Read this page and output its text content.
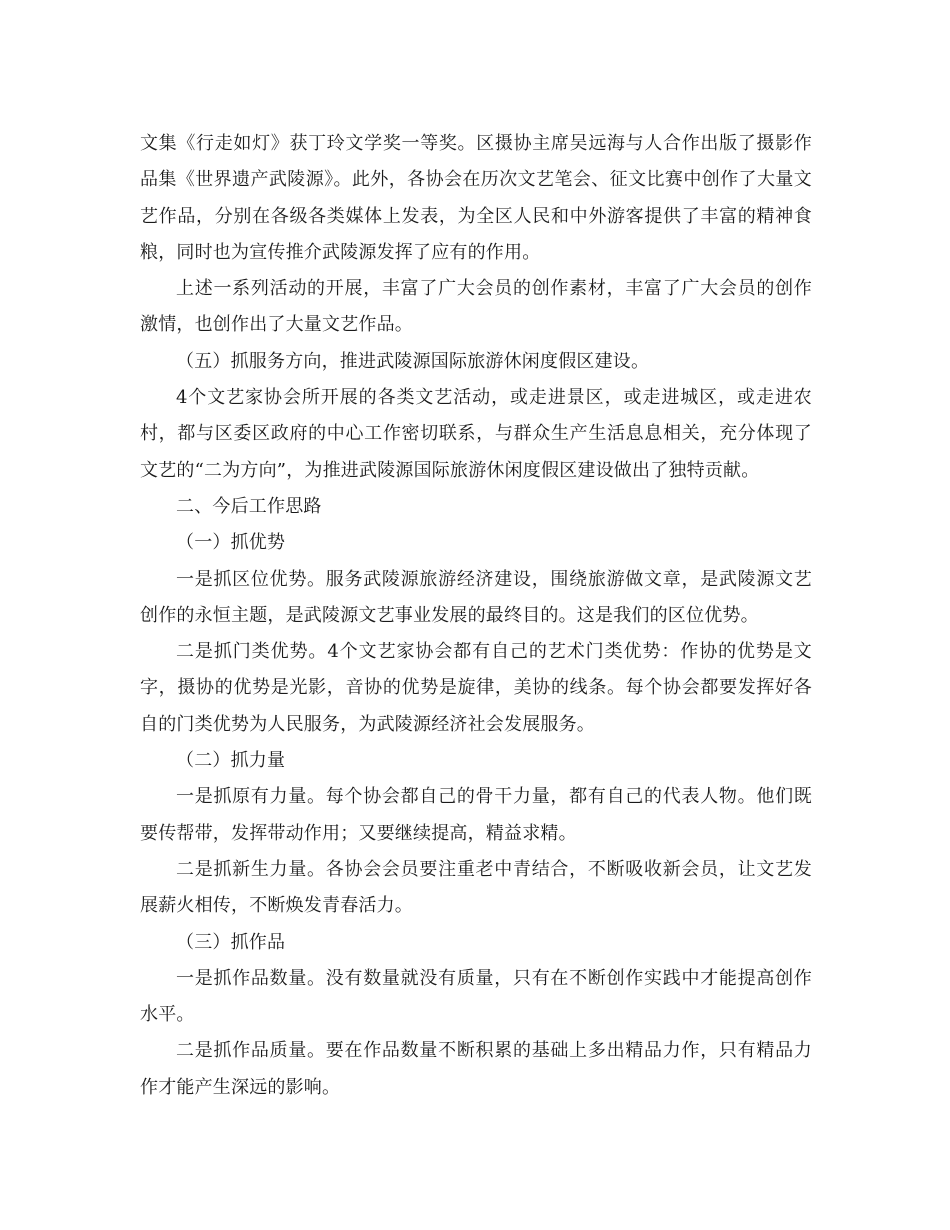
文集《行走如灯》获丁玲文学奖一等奖。区摄协主席吴远海与人合作出版了摄影作品集《世界遗产武陵源》。此外，各协会在历次文艺笔会、征文比赛中创作了大量文艺作品，分别在各级各类媒体上发表，为全区人民和中外游客提供了丰富的精神食粮，同时也为宣传推介武陵源发挥了应有的作用。

上述一系列活动的开展，丰富了广大会员的创作素材，丰富了广大会员的创作激情，也创作出了大量文艺作品。

（五）抓服务方向，推进武陵源国际旅游休闲度假区建设。

4个文艺家协会所开展的各类文艺活动，或走进景区，或走进城区，或走进农村，都与区委区政府的中心工作密切联系，与群众生产生活息息相关，充分体现了文艺的“二为方向”，为推进武陵源国际旅游休闲度假区建设做出了独特贡献。

二、今后工作思路

（一）抓优势

一是抓区位优势。服务武陵源旅游经济建设，围绕旅游做文章，是武陵源文艺创作的永恒主题，是武陵源文艺事业发展的最终目的。这是我们的区位优势。

二是抓门类优势。4个文艺家协会都有自己的艺术门类优势：作协的优势是文字，摄协的优势是光影，音协的优势是旋律，美协的线条。每个协会都要发挥好各自的门类优势为人民服务，为武陵源经济社会发展服务。

（二）抓力量

一是抓原有力量。每个协会都自己的骨干力量，都有自己的代表人物。他们既要传帮带，发挥带动作用；又要继续提高，精益求精。

二是抓新生力量。各协会会员要注重老中青结合，不断吸收新会员，让文艺发展薪火相传，不断焕发青春活力。

（三）抓作品

一是抓作品数量。没有数量就没有质量，只有在不断创作实践中才能提高创作水平。

二是抓作品质量。要在作品数量不断积累的基础上多出精品力作，只有精品力作才能产生深远的影响。
